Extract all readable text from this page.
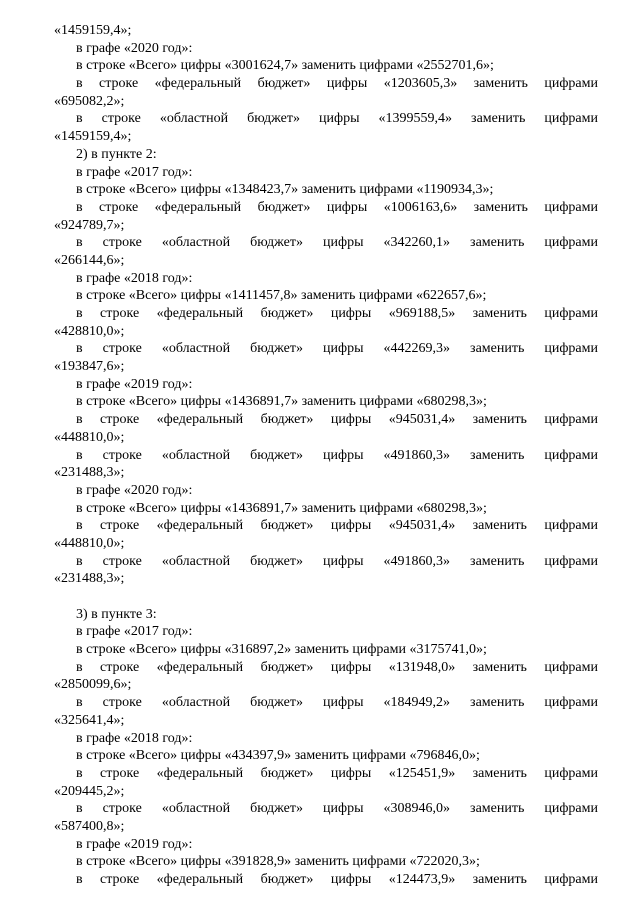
«1459159,4»;
в графе «2020 год»:
в строке «Всего» цифры «3001624,7» заменить цифрами «2552701,6»;
в строке «федеральный бюджет» цифры «1203605,3» заменить цифрами
«695082,2»;
в строке «областной бюджет» цифры «1399559,4» заменить цифрами
«1459159,4»;
2) в пункте 2:
в графе «2017 год»:
в строке «Всего» цифры «1348423,7» заменить цифрами «1190934,3»;
в строке «федеральный бюджет» цифры «1006163,6» заменить цифрами
«924789,7»;
в строке «областной бюджет» цифры «342260,1» заменить цифрами
«266144,6»;
в графе «2018 год»:
в строке «Всего» цифры «1411457,8» заменить цифрами «622657,6»;
в строке «федеральный бюджет» цифры «969188,5» заменить цифрами
«428810,0»;
в строке «областной бюджет» цифры «442269,3» заменить цифрами
«193847,6»;
в графе «2019 год»:
в строке «Всего» цифры «1436891,7» заменить цифрами «680298,3»;
в строке «федеральный бюджет» цифры «945031,4» заменить цифрами
«448810,0»;
в строке «областной бюджет» цифры «491860,3» заменить цифрами
«231488,3»;
в графе «2020 год»:
в строке «Всего» цифры «1436891,7» заменить цифрами «680298,3»;
в строке «федеральный бюджет» цифры «945031,4» заменить цифрами
«448810,0»;
в строке «областной бюджет» цифры «491860,3» заменить цифрами
«231488,3»;
3) в пункте 3:
в графе «2017 год»:
в строке «Всего» цифры «316897,2» заменить цифрами «3175741,0»;
в строке «федеральный бюджет» цифры «131948,0» заменить цифрами
«2850099,6»;
в строке «областной бюджет» цифры «184949,2» заменить цифрами
«325641,4»;
в графе «2018 год»:
в строке «Всего» цифры «434397,9» заменить цифрами «796846,0»;
в строке «федеральный бюджет» цифры «125451,9» заменить цифрами
«209445,2»;
в строке «областной бюджет» цифры «308946,0» заменить цифрами
«587400,8»;
в графе «2019 год»:
в строке «Всего» цифры «391828,9» заменить цифрами «722020,3»;
в строке «федеральный бюджет» цифры «124473,9» заменить цифрами
